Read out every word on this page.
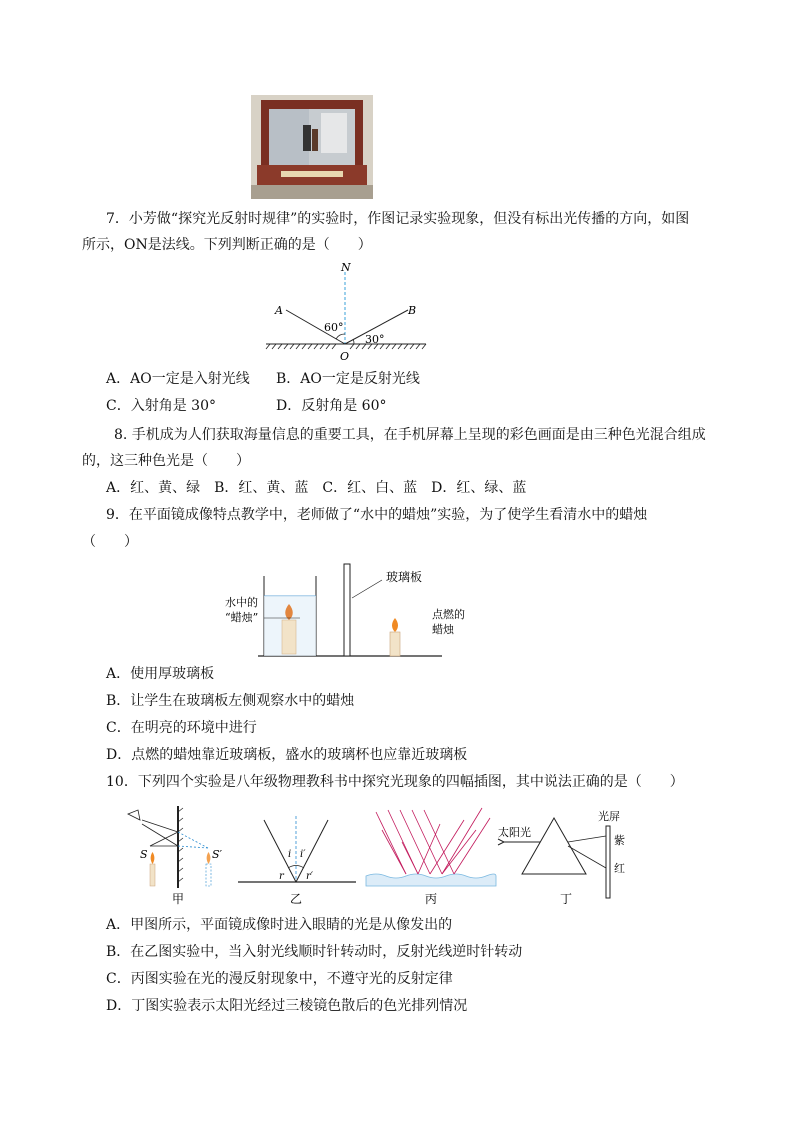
7．小芳做“探究光反射时规律”的实验时，作图记录实验现象，但没有标出光传播的方向，如图
所示，ON是法线。下列判断正确的是（　　）
N
A	B
O
60°
30°
A．AO一定是入射光线 B．AO一定是反射光线
C．入射角是 30°	D．反射角是 60°
8. 手机成为人们获取海量信息的重要工具，在手机屏幕上呈现的彩色画面是由三种色光混合组成
的，这三种色光是（　　）
A．红、黄、绿　B．红、黄、蓝　C．红、白、蓝　D．红、绿、蓝
9．在平面镜成像特点教学中，老师做了“水中的蜡烛”实验，为了使学生看清水中的蜡烛
（　　）
玻璃板
水中的
“蜡烛”	点燃的
蜡烛
A．使用厚玻璃板
B．让学生在玻璃板左侧观察水中的蜡烛
C．在明亮的环境中进行
D．点燃的蜡烛靠近玻璃板，盛水的玻璃杯也应靠近玻璃板
10．下列四个实验是八年级物理教科书中探究光现象的四幅插图，其中说法正确的是（　　）
S	S′
甲
i i′
r r′
乙	丙
太阳光
光屏
紫
红
丁
A．甲图所示，平面镜成像时进入眼睛的光是从像发出的
B．在乙图实验中，当入射光线顺时针转动时，反射光线逆时针转动
C．丙图实验在光的漫反射现象中，不遵守光的反射定律
D．丁图实验表示太阳光经过三棱镜色散后的色光排列情况
